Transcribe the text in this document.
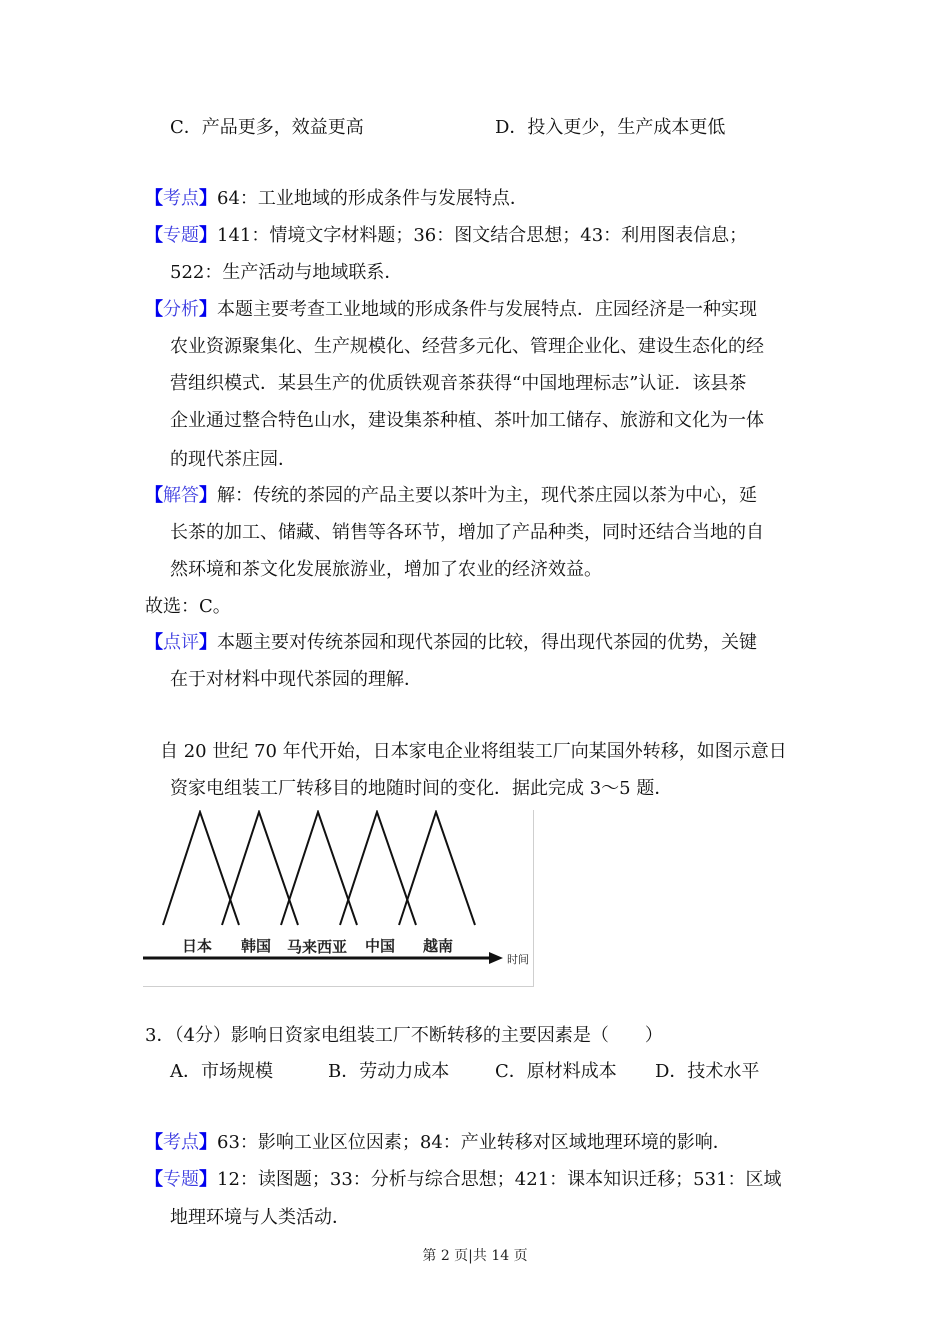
C．产品更多，效益更高	D．投入更少，生产成本更低
【考点】64：工业地域的形成条件与发展特点．
【专题】141：情境文字材料题；36：图文结合思想；43：利用图表信息；
522：生产活动与地域联系．
【分析】本题主要考查工业地域的形成条件与发展特点．庄园经济是一种实现
农业资源聚集化、生产规模化、经营多元化、管理企业化、建设生态化的经
营组织模式．某县生产的优质铁观音茶获得“中国地理标志”认证．该县茶
企业通过整合特色山水，建设集茶种植、茶叶加工储存、旅游和文化为一体
的现代茶庄园．
【解答】解：传统的茶园的产品主要以茶叶为主，现代茶庄园以茶为中心，延
长茶的加工、储藏、销售等各环节，增加了产品种类，同时还结合当地的自
然环境和茶文化发展旅游业，增加了农业的经济效益。
故选：C。
【点评】本题主要对传统茶园和现代茶园的比较，得出现代茶园的优势，关键
在于对材料中现代茶园的理解．
自 20 世纪 70 年代开始，日本家电企业将组装工厂向某国外转移，如图示意日
资家电组装工厂转移目的地随时间的变化．据此完成 3～5 题．
日本 韩国 马来西亚 中国 越南
时间
3．（4分）影响日资家电组装工厂不断转移的主要因素是（　　）
A．市场规模	B．劳动力成本	C．原材料成本 D．技术水平
【考点】63：影响工业区位因素；84：产业转移对区域地理环境的影响．
【专题】12：读图题；33：分析与综合思想；421：课本知识迁移；531：区域
地理环境与人类活动．
第 2 页|共 14 页
